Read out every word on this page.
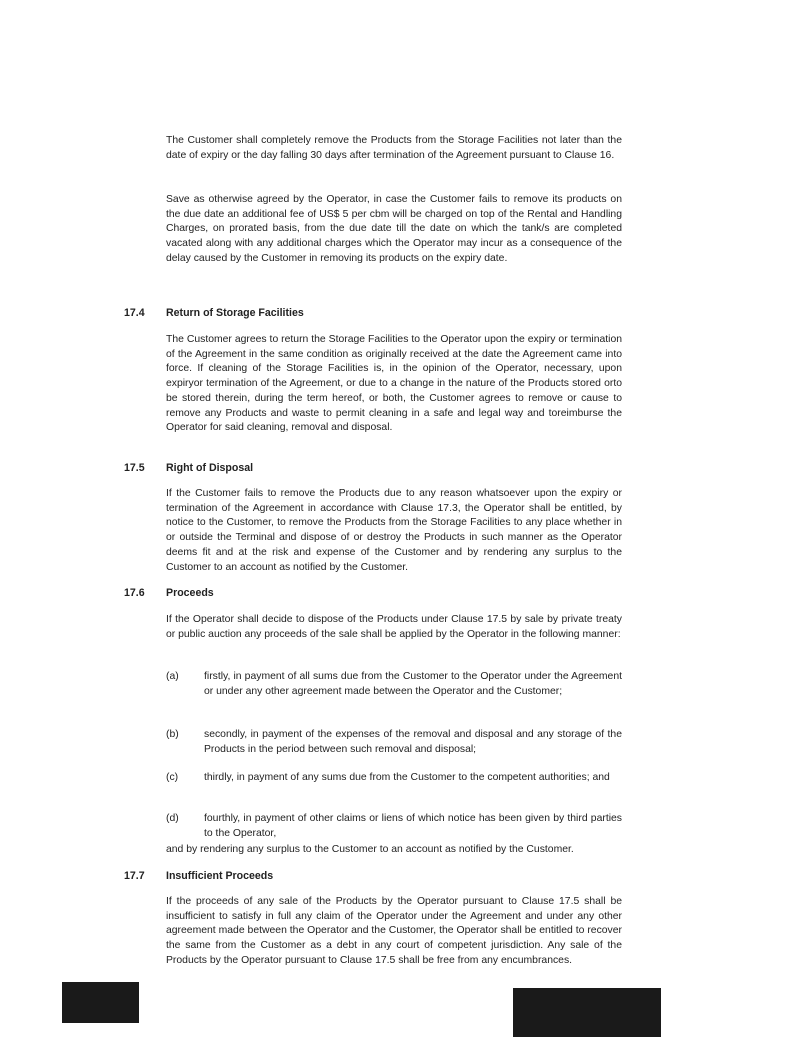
The Customer shall completely remove the Products from the Storage Facilities not later than the date of expiry or the day falling 30 days after termination of the Agreement pursuant to Clause 16.

Save as otherwise agreed by the Operator, in case the Customer fails to remove its products on the due date an additional fee of US$ 5 per cbm will be charged on top of the Rental and Handling Charges, on prorated basis, from the due date till the date on which the tank/s are completed vacated along with any additional charges which the Operator may incur as a consequence of the delay caused by the Customer in removing its products on the expiry date.

17.4 Return of Storage Facilities

The Customer agrees to return the Storage Facilities to the Operator upon the expiry or termination of the Agreement in the same condition as originally received at the date the Agreement came into force. If cleaning of the Storage Facilities is, in the opinion of the Operator, necessary, upon expiryor termination of the Agreement, or due to a change in the nature of the Products stored orto be stored therein, during the term hereof, or both, the Customer agrees to remove or cause to remove any Products and waste to permit cleaning in a safe and legal way and toreimburse the Operator for said cleaning, removal and disposal.

17.5 Right of Disposal

If the Customer fails to remove the Products due to any reason whatsoever upon the expiry or termination of the Agreement in accordance with Clause 17.3, the Operator shall be entitled, by notice to the Customer, to remove the Products from the Storage Facilities to any place whether in or outside the Terminal and dispose of or destroy the Products in such manner as the Operator deems fit and at the risk and expense of the Customer and by rendering any surplus to the Customer to an account as notified by the Customer.

17.6 Proceeds

If the Operator shall decide to dispose of the Products under Clause 17.5 by sale by private treaty or public auction any proceeds of the sale shall be applied by the Operator in the following manner:

(a) firstly, in payment of all sums due from the Customer to the Operator under the Agreement or under any other agreement made between the Operator and the Customer;

(b) secondly, in payment of the expenses of the removal and disposal and any storage of the Products in the period between such removal and disposal;

(c) thirdly, in payment of any sums due from the Customer to the competent authorities; and

(d) fourthly, in payment of other claims or liens of which notice has been given by third parties to the Operator,

and by rendering any surplus to the Customer to an account as notified by the Customer.

17.7 Insufficient Proceeds

If the proceeds of any sale of the Products by the Operator pursuant to Clause 17.5 shall be insufficient to satisfy in full any claim of the Operator under the Agreement and under any other agreement made between the Operator and the Customer, the Operator shall be entitled to recover the same from the Customer as a debt in any court of competent jurisdiction. Any sale of the Products by the Operator pursuant to Clause 17.5 shall be free from any encumbrances.
